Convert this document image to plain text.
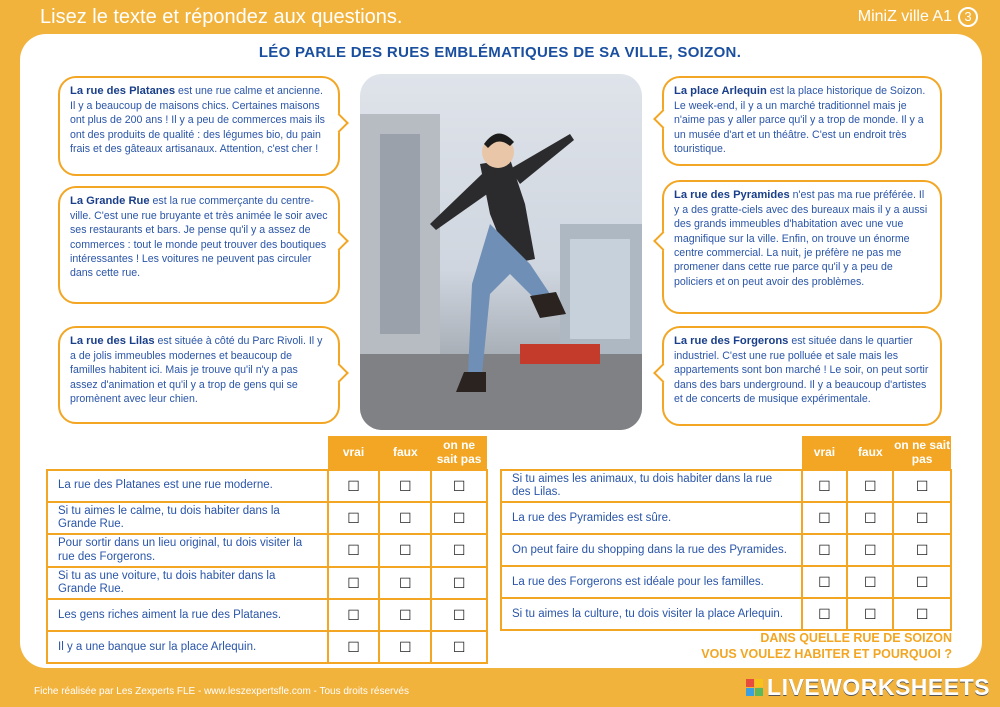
Lisez le texte et répondez aux questions.	MiniZ ville A1 3
LÉO PARLE DES RUES EMBLÉMATIQUES DE SA VILLE, SOIZON.
La rue des Platanes est une rue calme et ancienne. Il y a beaucoup de maisons chics. Certaines maisons ont plus de 200 ans ! Il y a peu de commerces mais ils ont des produits de qualité : des légumes bio, du pain frais et des gâteaux artisanaux. Attention, c'est cher !
La Grande Rue est la rue commerçante du centre-ville. C'est une rue bruyante et très animée le soir avec ses restaurants et bars. Je pense qu'il y a assez de commerces : tout le monde peut trouver des boutiques intéressantes ! Les voitures ne peuvent pas circuler dans cette rue.
La rue des Lilas est située à côté du Parc Rivoli. Il y a de jolis immeubles modernes et beaucoup de familles habitent ici. Mais je trouve qu'il n'y a pas assez d'animation et qu'il y a trop de gens qui se promènent avec leur chien.
La place Arlequin est la place historique de Soizon. Le week-end, il y a un marché traditionnel mais je n'aime pas y aller parce qu'il y a trop de monde. Il y a un musée d'art et un théâtre. C'est un endroit très touristique.
La rue des Pyramides n'est pas ma rue préférée. Il y a des gratte-ciels avec des bureaux mais il y a aussi des grands immeubles d'habitation avec une vue magnifique sur la ville. Enfin, on trouve un énorme centre commercial. La nuit, je préfère ne pas me promener dans cette rue parce qu'il y a peu de policiers et on peut avoir des problèmes.
La rue des Forgerons est située dans le quartier industriel. C'est une rue polluée et sale mais les appartements sont bon marché ! Le soir, on peut sortir dans des bars underground. Il y a beaucoup d'artistes et de concerts de musique expérimentale.
	vrai	faux	on ne sait pas
La rue des Platanes est une rue moderne.	☐	☐	☐
Si tu aimes le calme, tu dois habiter dans la Grande Rue.	☐	☐	☐
Pour sortir dans un lieu original, tu dois visiter la rue des Forgerons.	☐	☐	☐
Si tu as une voiture, tu dois habiter dans la Grande Rue.	☐	☐	☐
Les gens riches aiment la rue des Platanes.	☐	☐	☐
Il y a une banque sur la place Arlequin.	☐	☐	☐
	vrai	faux	on ne sait pas
Si tu aimes les animaux, tu dois habiter dans la rue des Lilas.	☐	☐	☐
La rue des Pyramides est sûre.	☐	☐	☐
On peut faire du shopping dans la rue des Pyramides.	☐	☐	☐
La rue des Forgerons est idéale pour les familles.	☐	☐	☐
Si tu aimes la culture, tu dois visiter la place Arlequin.	☐	☐	☐
DANS QUELLE RUE DE SOIZON
VOUS VOULEZ HABITER ET POURQUOI ?
Fiche réalisée par Les Zexperts FLE - www.leszexpertsfle.com - Tous droits réservés	LIVEWORKSHEETS
